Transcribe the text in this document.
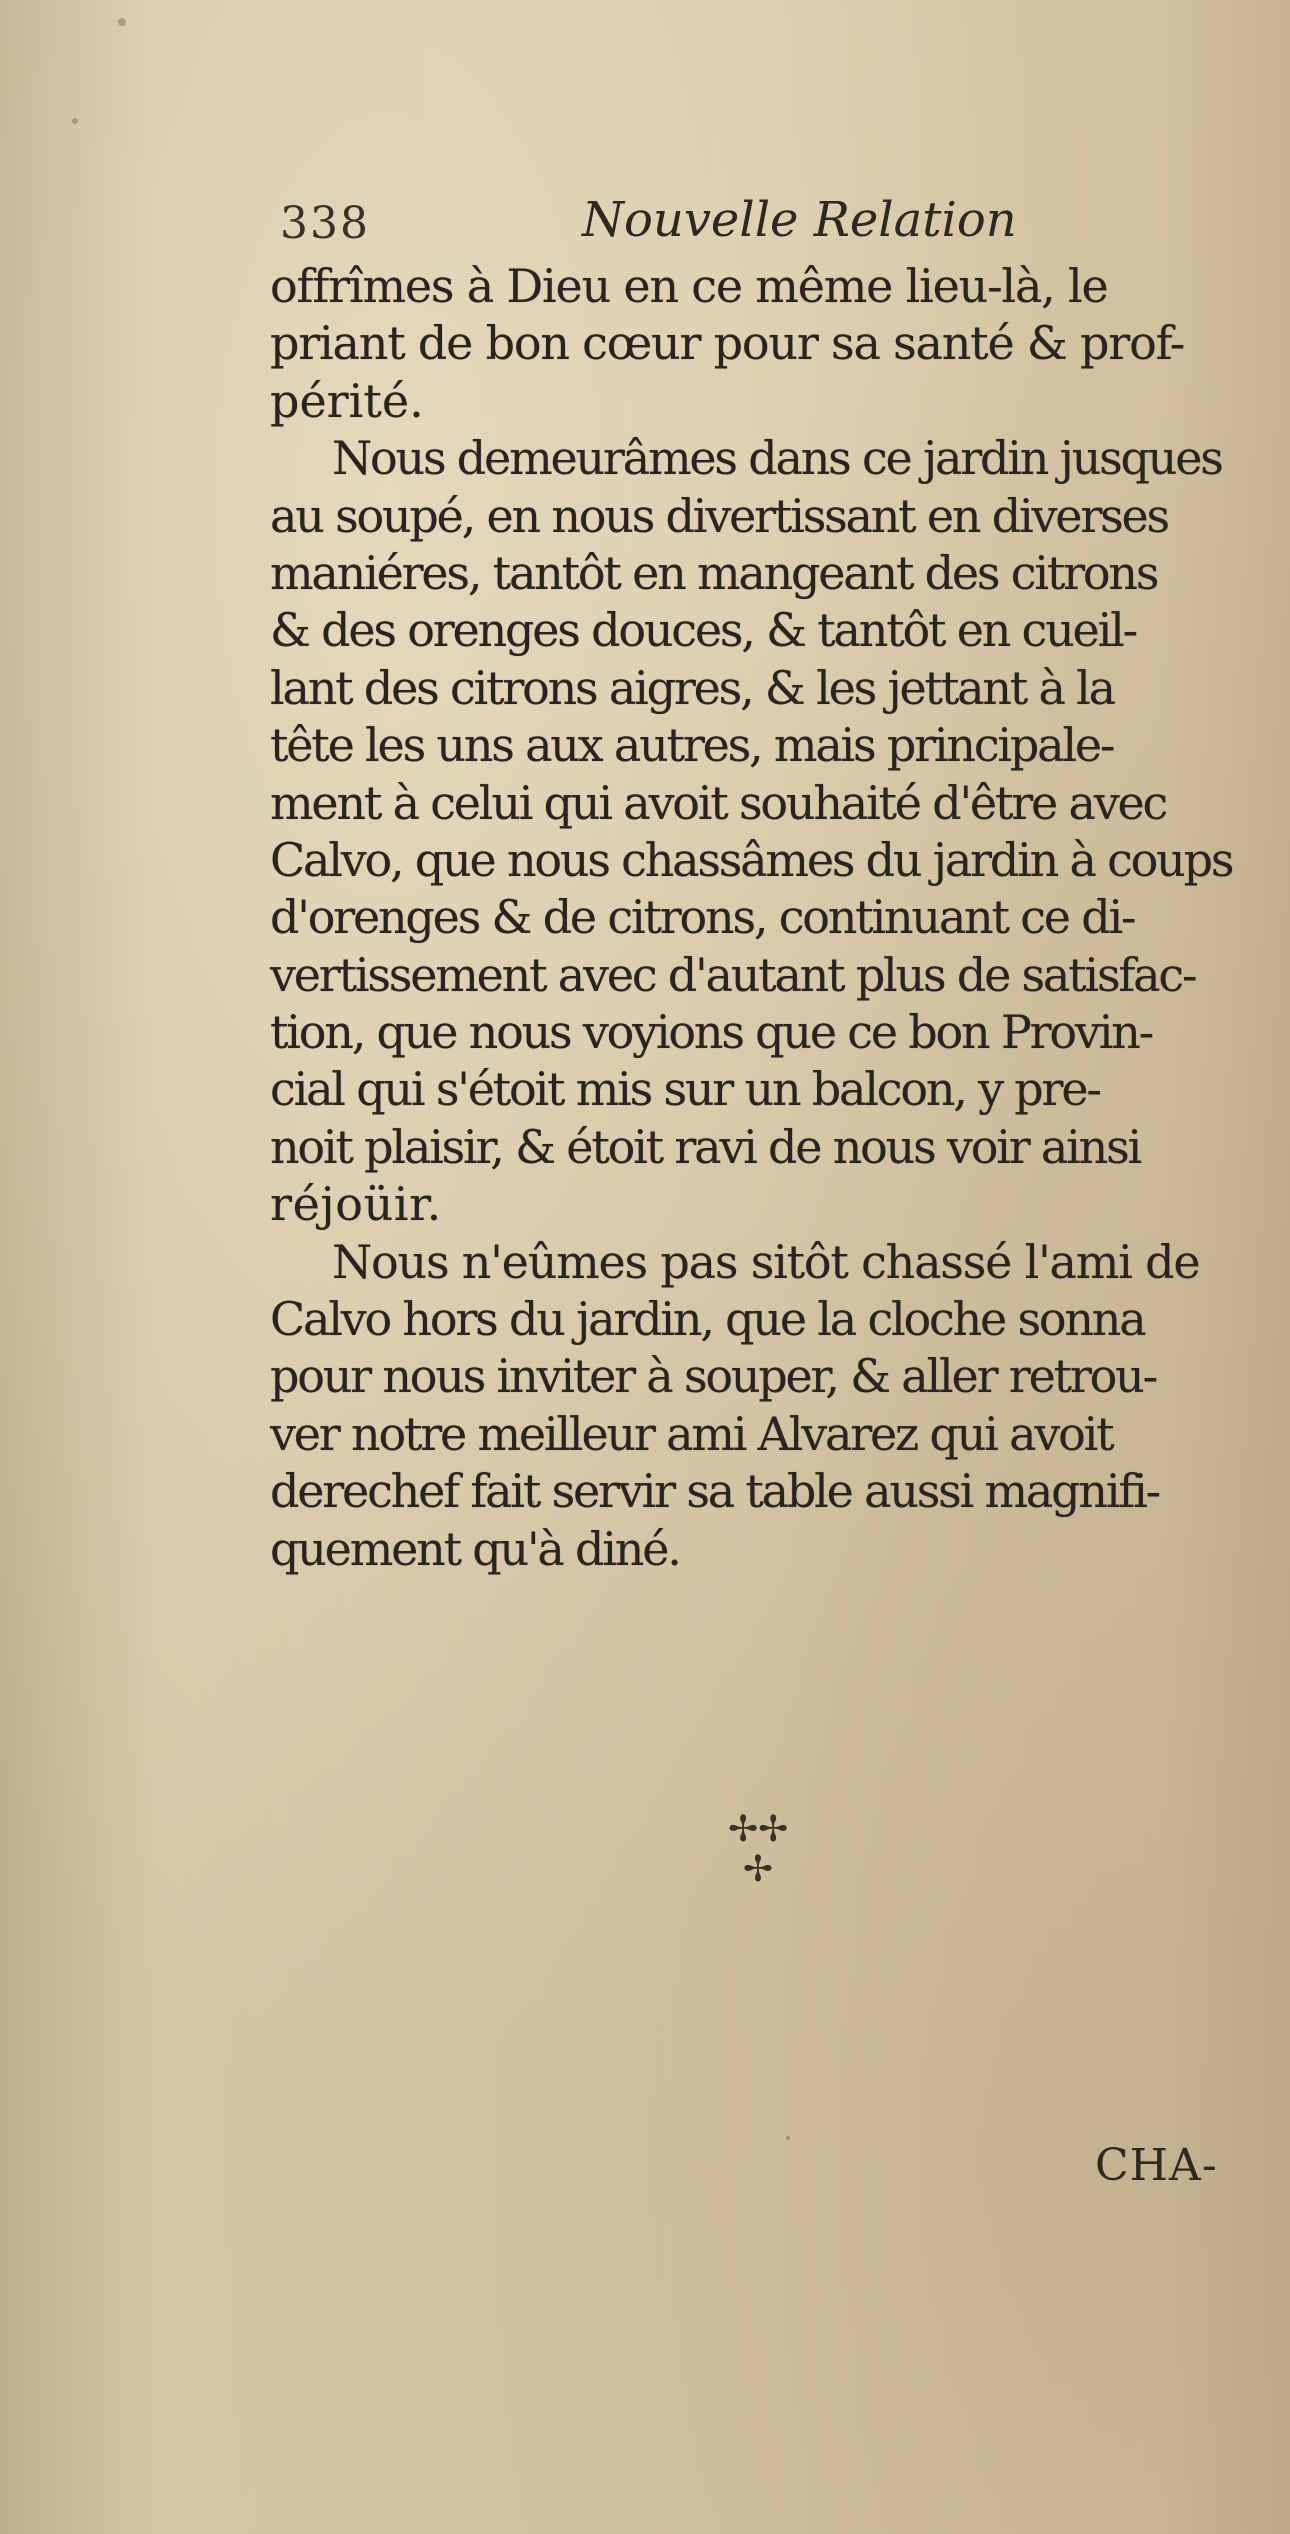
338	Nouvelle Relation
offrîmes à Dieu en ce même lieu-là, le
priant de bon cœur pour sa santé & prof-
périté.
Nous demeurâmes dans ce jardin jusques
au soupé, en nous divertissant en diverses
maniéres, tantôt en mangeant des citrons
& des orenges douces, & tantôt en cueil-
lant des citrons aigres, & les jettant à la
tête les uns aux autres, mais principale-
ment à celui qui avoit souhaité d'être avec
Calvo, que nous chassâmes du jardin à coups
d'orenges & de citrons, continuant ce di-
vertissement avec d'autant plus de satisfac-
tion, que nous voyions que ce bon Provin-
cial qui s'étoit mis sur un balcon, y pre-
noit plaisir, & étoit ravi de nous voir ainsi
réjoüir.
Nous n'eûmes pas sitôt chassé l'ami de
Calvo hors du jardin, que la cloche sonna
pour nous inviter à souper, & aller retrou-
ver notre meilleur ami Alvarez qui avoit
derechef fait servir sa table aussi magnifi-
quement qu'à diné.
✢✢
✢
CHA-
